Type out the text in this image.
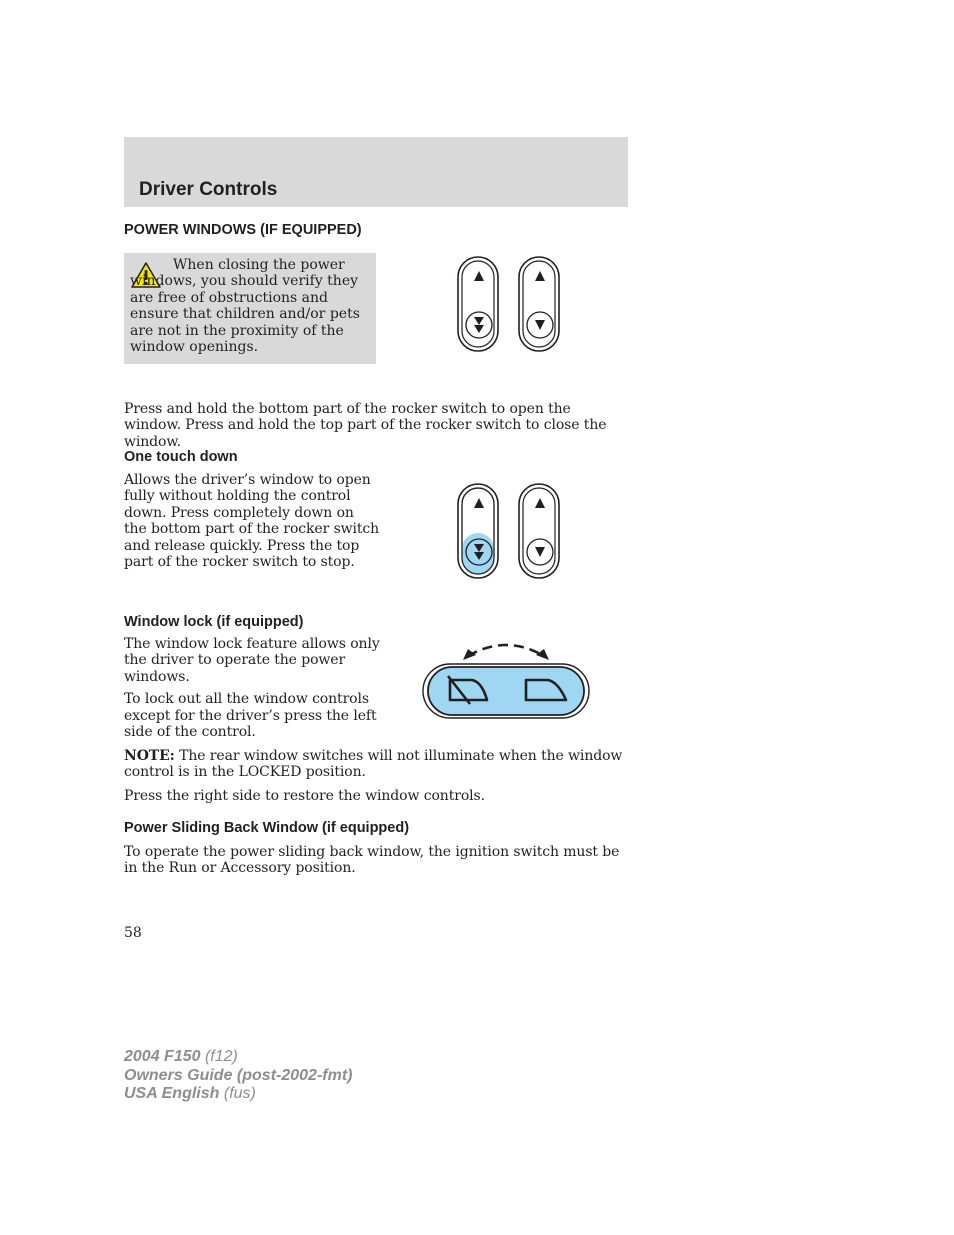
Driver Controls
POWER WINDOWS (IF EQUIPPED)
When closing the power windows, you should verify they are free of obstructions and ensure that children and/or pets are not in the proximity of the window openings.
Press and hold the bottom part of the rocker switch to open the window. Press and hold the top part of the rocker switch to close the window.
One touch down
Allows the driver’s window to open fully without holding the control down. Press completely down on the bottom part of the rocker switch and release quickly. Press the top part of the rocker switch to stop.
Window lock (if equipped)

The window lock feature allows only the driver to operate the power windows.

To lock out all the window controls except for the driver’s press the left side of the control.

NOTE: The rear window switches will not illuminate when the window control is in the LOCKED position.
Press the right side to restore the window controls.
Power Sliding Back Window (if equipped)
To operate the power sliding back window, the ignition switch must be in the Run or Accessory position.
58
2004 F150 (f12)
Owners Guide (post-2002-fmt)
USA English (fus)
